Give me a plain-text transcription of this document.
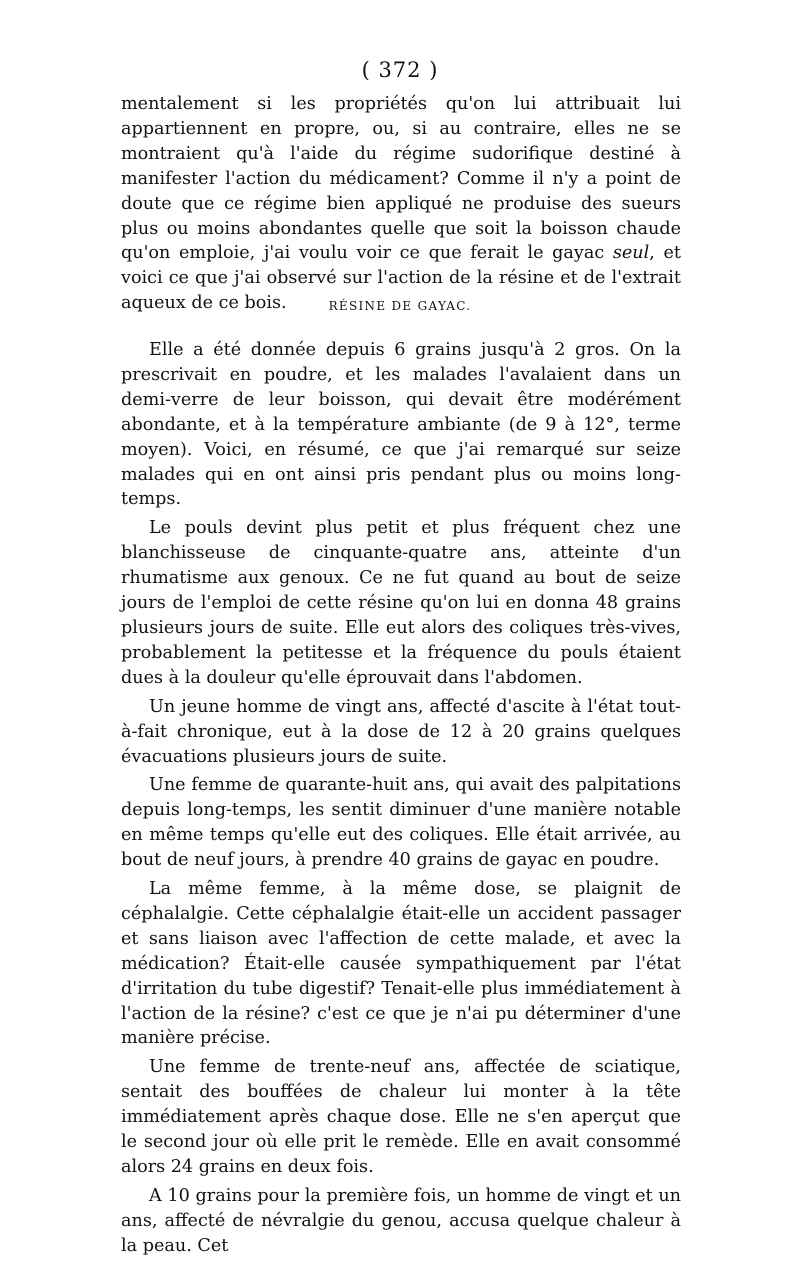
( 372 )

mentalement si les propriétés qu'on lui attribuait lui appartiennent en propre, ou, si au contraire, elles ne se montraient qu'à l'aide du régime sudorifique destiné à manifester l'action du médicament? Comme il n'y a point de doute que ce régime bien appliqué ne produise des sueurs plus ou moins abondantes quelle que soit la boisson chaude qu'on emploie, j'ai voulu voir ce que ferait le gayac seul, et voici ce que j'ai observé sur l'action de la résine et de l'extrait aqueux de ce bois.	RÉSINE DE GAYAC.

Elle a été donnée depuis 6 grains jusqu'à 2 gros. On la prescrivait en poudre, et les malades l'avalaient dans un demi-verre de leur boisson, qui devait être modérément abondante, et à la température ambiante (de 9 à 12°, terme moyen). Voici, en résumé, ce que j'ai remarqué sur seize malades qui en ont ainsi pris pendant plus ou moins long-temps.

Le pouls devint plus petit et plus fréquent chez une blanchisseuse de cinquante-quatre ans, atteinte d'un rhumatisme aux genoux. Ce ne fut quand au bout de seize jours de l'emploi de cette résine qu'on lui en donna 48 grains plusieurs jours de suite. Elle eut alors des coliques très-vives, probablement la petitesse et la fréquence du pouls étaient dues à la douleur qu'elle éprouvait dans l'abdomen.

Un jeune homme de vingt ans, affecté d'ascite à l'état tout-à-fait chronique, eut à la dose de 12 à 20 grains quelques évacuations plusieurs jours de suite.

Une femme de quarante-huit ans, qui avait des palpitations depuis long-temps, les sentit diminuer d'une manière notable en même temps qu'elle eut des coliques. Elle était arrivée, au bout de neuf jours, à prendre 40 grains de gayac en poudre.

La même femme, à la même dose, se plaignit de céphalalgie. Cette céphalalgie était-elle un accident passager et sans liaison avec l'affection de cette malade, et avec la médication? Était-elle causée sympathiquement par l'état d'irritation du tube digestif? Tenait-elle plus immédiatement à l'action de la résine? c'est ce que je n'ai pu déterminer d'une manière précise.

Une femme de trente-neuf ans, affectée de sciatique, sentait des bouffées de chaleur lui monter à la tête immédiatement après chaque dose. Elle ne s'en aperçut que le second jour où elle prit le remède. Elle en avait consommé alors 24 grains en deux fois.

A 10 grains pour la première fois, un homme de vingt et un ans, affecté de névralgie du genou, accusa quelque chaleur à la peau. Cet
